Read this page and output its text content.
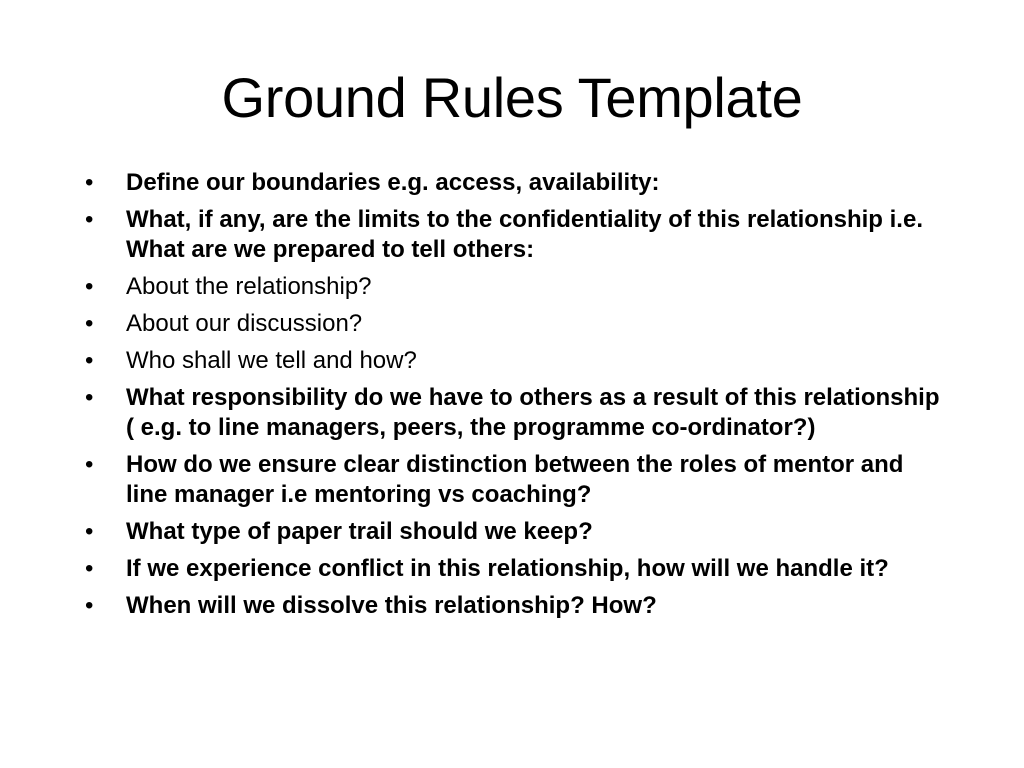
Ground Rules Template
•	Define our boundaries e.g. access, availability:
•	What, if any, are the limits to the confidentiality of this relationship i.e. What are we prepared to tell others:
•	About the relationship?
•	About our discussion?
•	Who shall we tell and how?
•	What responsibility do we have to others as a result of this relationship ( e.g. to line managers, peers, the programme co-ordinator?)
•	How do we ensure clear distinction between the roles of mentor and line manager i.e mentoring vs coaching?
•	What type of paper trail should we keep?
•	If we experience conflict in this relationship, how will we handle it?
•	When will we dissolve this relationship? How?
